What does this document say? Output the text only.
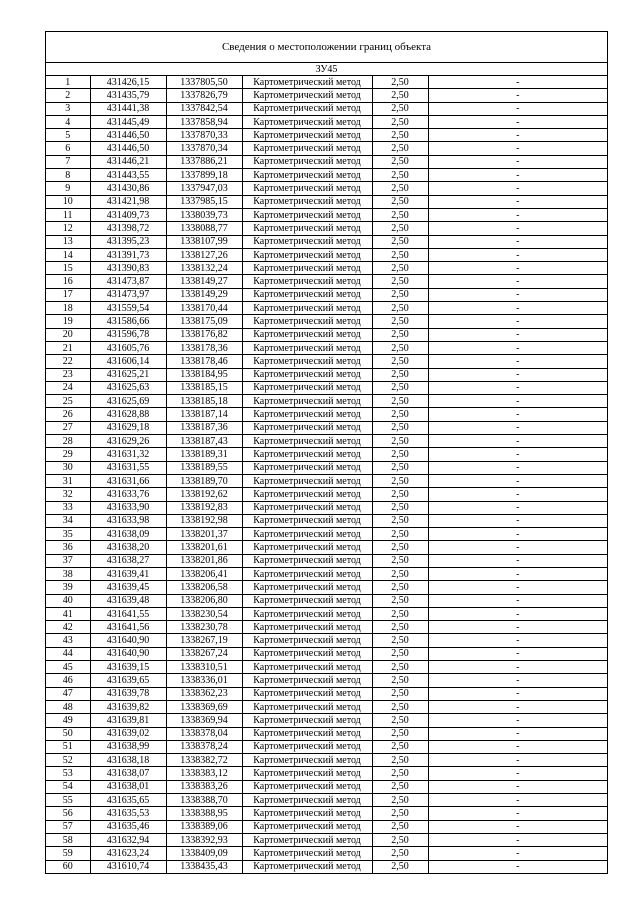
Сведения о местоположении границ объекта
ЗУ45					
1	431426,15	1337805,50	Картометрический метод	2,50	-
2	431435,79	1337826,79	Картометрический метод	2,50	-
3	431441,38	1337842,54	Картометрический метод	2,50	-
4	431445,49	1337858,94	Картометрический метод	2,50	-
5	431446,50	1337870,33	Картометрический метод	2,50	-
6	431446,50	1337870,34	Картометрический метод	2,50	-
7	431446,21	1337886,21	Картометрический метод	2,50	-
8	431443,55	1337899,18	Картометрический метод	2,50	-
9	431430,86	1337947,03	Картометрический метод	2,50	-
10	431421,98	1337985,15	Картометрический метод	2,50	-
11	431409,73	1338039,73	Картометрический метод	2,50	-
12	431398,72	1338088,77	Картометрический метод	2,50	-
13	431395,23	1338107,99	Картометрический метод	2,50	-
14	431391,73	1338127,26	Картометрический метод	2,50	-
15	431390,83	1338132,24	Картометрический метод	2,50	-
16	431473,87	1338149,27	Картометрический метод	2,50	-
17	431473,97	1338149,29	Картометрический метод	2,50	-
18	431559,54	1338170,44	Картометрический метод	2,50	-
19	431586,66	1338175,09	Картометрический метод	2,50	-
20	431596,78	1338176,82	Картометрический метод	2,50	-
21	431605,76	1338178,36	Картометрический метод	2,50	-
22	431606,14	1338178,46	Картометрический метод	2,50	-
23	431625,21	1338184,95	Картометрический метод	2,50	-
24	431625,63	1338185,15	Картометрический метод	2,50	-
25	431625,69	1338185,18	Картометрический метод	2,50	-
26	431628,88	1338187,14	Картометрический метод	2,50	-
27	431629,18	1338187,36	Картометрический метод	2,50	-
28	431629,26	1338187,43	Картометрический метод	2,50	-
29	431631,32	1338189,31	Картометрический метод	2,50	-
30	431631,55	1338189,55	Картометрический метод	2,50	-
31	431631,66	1338189,70	Картометрический метод	2,50	-
32	431633,76	1338192,62	Картометрический метод	2,50	-
33	431633,90	1338192,83	Картометрический метод	2,50	-
34	431633,98	1338192,98	Картометрический метод	2,50	-
35	431638,09	1338201,37	Картометрический метод	2,50	-
36	431638,20	1338201,61	Картометрический метод	2,50	-
37	431638,27	1338201,86	Картометрический метод	2,50	-
38	431639,41	1338206,41	Картометрический метод	2,50	-
39	431639,45	1338206,58	Картометрический метод	2,50	-
40	431639,48	1338206,80	Картометрический метод	2,50	-
41	431641,55	1338230,54	Картометрический метод	2,50	-
42	431641,56	1338230,78	Картометрический метод	2,50	-
43	431640,90	1338267,19	Картометрический метод	2,50	-
44	431640,90	1338267,24	Картометрический метод	2,50	-
45	431639,15	1338310,51	Картометрический метод	2,50	-
46	431639,65	1338336,01	Картометрический метод	2,50	-
47	431639,78	1338362,23	Картометрический метод	2,50	-
48	431639,82	1338369,69	Картометрический метод	2,50	-
49	431639,81	1338369,94	Картометрический метод	2,50	-
50	431639,02	1338378,04	Картометрический метод	2,50	-
51	431638,99	1338378,24	Картометрический метод	2,50	-
52	431638,18	1338382,72	Картометрический метод	2,50	-
53	431638,07	1338383,12	Картометрический метод	2,50	-
54	431638,01	1338383,26	Картометрический метод	2,50	-
55	431635,65	1338388,70	Картометрический метод	2,50	-
56	431635,53	1338388,95	Картометрический метод	2,50	-
57	431635,46	1338389,06	Картометрический метод	2,50	-
58	431632,94	1338392,93	Картометрический метод	2,50	-
59	431623,24	1338409,09	Картометрический метод	2,50	-
60	431610,74	1338435,43	Картометрический метод	2,50	-
